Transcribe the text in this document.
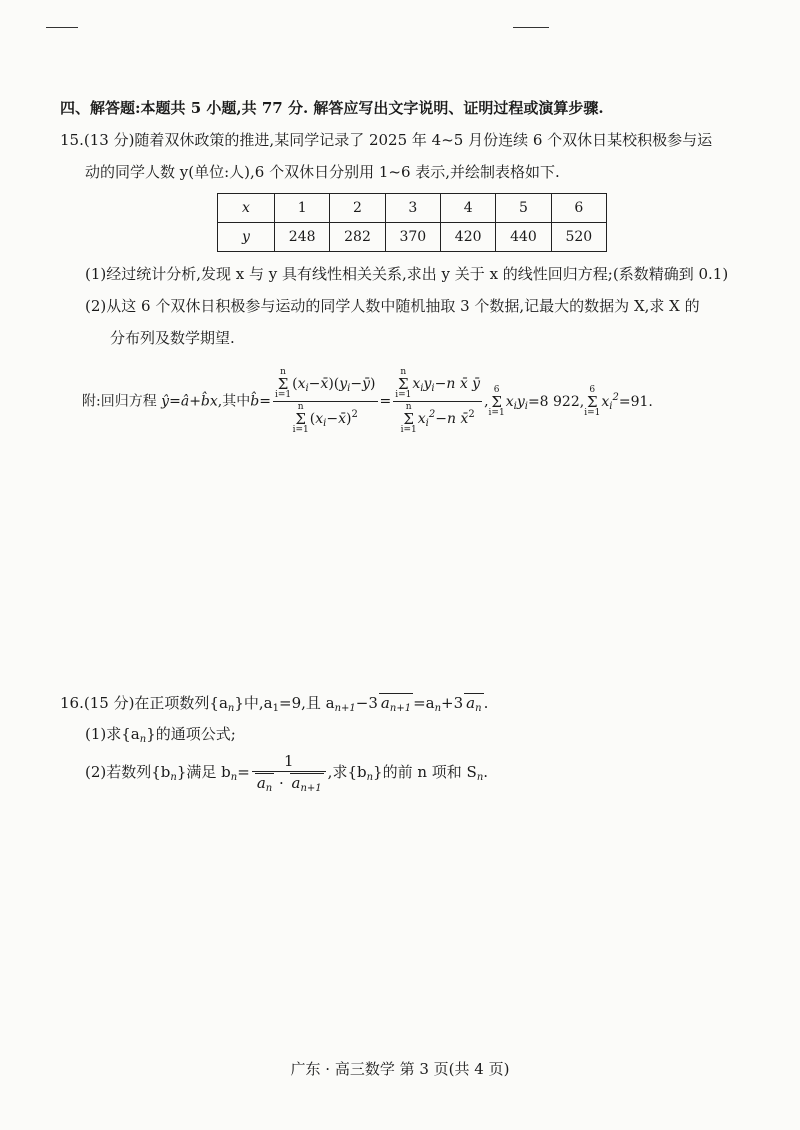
四、解答题:本题共 5 小题,共 77 分. 解答应写出文字说明、证明过程或演算步骤.
15.(13 分)随着双休政策的推进,某同学记录了 2025 年 4~5 月份连续 6 个双休日某校积极参与运
动的同学人数 y(单位:人),6 个双休日分别用 1~6 表示,并绘制表格如下.
x	1	2	3	4	5	6
y	248	282	370	420	440	520
(1)经过统计分析,发现 x 与 y 具有线性相关关系,求出 y 关于 x 的线性回归方程;(系数精确到 0.1)
(2)从这 6 个双休日积极参与运动的同学人数中随机抽取 3 个数据,记最大的数据为 X,求 X 的
分布列及数学期望.
附:回归方程 ŷ=â+b̂x,其中b̂= n
Σ
$i=1(x_i-x̄)(y_i-ȳ)$
n
Σ
$i=1(x_i-x̄)^2 = n$
Σ
$i=1x_iy_i-n$ x̄ ȳ
n
Σ
$i=1x_i^2-n$ x̄$^2$ ,6
Σ
$i=1x_iy_i=8$ 922,6
Σ
$i=1x_i^2=91$.
16.(15 分)在正项数列$\{a_n\}$中$,a_1=9$,且 $a_{n+1}-3$ $a_{n+1} =a_n+3$ $a_n$ .
(1)求$\{a_n\}$的通项公式;
(2)若数列$\{b_n\}$满足 $b_n= \frac{1}{a_n \cdot a_{n+1}}$ ,求$\{b_n\}$的前 n 项和 $S_n$.
广东 · 高三数学 第 3 页(共 4 页)
